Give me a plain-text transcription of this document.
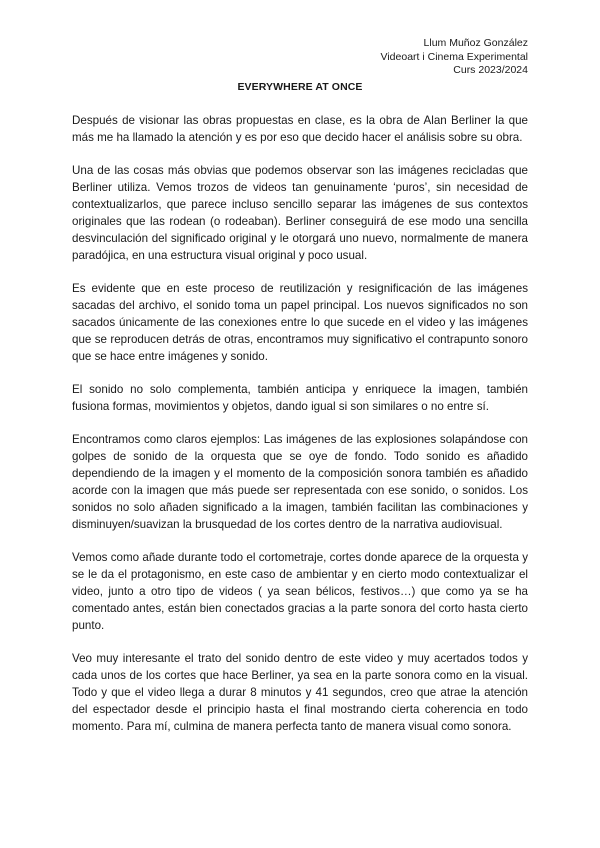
Llum Muñoz González
Videoart i Cinema Experimental
Curs 2023/2024
EVERYWHERE AT ONCE

Después de visionar las obras propuestas en clase, es la obra de Alan Berliner la que más me ha llamado la atención y es por eso que decido hacer el análisis sobre su obra.

Una de las cosas más obvias que podemos observar son las imágenes recicladas que Berliner utiliza. Vemos trozos de videos tan genuinamente ‘puros’, sin necesidad de contextualizarlos, que parece incluso sencillo separar las imágenes de sus contextos originales que las rodean (o rodeaban). Berliner conseguirá de ese modo una sencilla desvinculación del significado original y le otorgará uno nuevo, normalmente de manera paradójica, en una estructura visual original y poco usual.

Es evidente que en este proceso de reutilización y resignificación de las imágenes sacadas del archivo, el sonido toma un papel principal. Los nuevos significados no son sacados únicamente de las conexiones entre lo que sucede en el video y las imágenes que se reproducen detrás de otras, encontramos muy significativo el contrapunto sonoro que se hace entre imágenes y sonido.

El sonido no solo complementa, también anticipa y enriquece la imagen, también fusiona formas, movimientos y objetos, dando igual si son similares o no entre sí.

Encontramos como claros ejemplos: Las imágenes de las explosiones solapándose con golpes de sonido de la orquesta que se oye de fondo. Todo sonido es añadido dependiendo de la imagen y el momento de la composición sonora también es añadido acorde con la imagen que más puede ser representada con ese sonido, o sonidos. Los sonidos no solo añaden significado a la imagen, también facilitan las combinaciones y disminuyen/suavizan la brusquedad de los cortes dentro de la narrativa audiovisual.

Vemos como añade durante todo el cortometraje, cortes donde aparece de la orquesta y se le da el protagonismo, en este caso de ambientar y en cierto modo contextualizar el video, junto a otro tipo de videos ( ya sean bélicos, festivos…) que como ya se ha comentado antes, están bien conectados gracias a la parte sonora del corto hasta cierto punto.

Veo muy interesante el trato del sonido dentro de este video y muy acertados todos y cada unos de los cortes que hace Berliner, ya sea en la parte sonora como en la visual. Todo y que el video llega a durar 8 minutos y 41 segundos, creo que atrae la atención del espectador desde el principio hasta el final mostrando cierta coherencia en todo momento. Para mí, culmina de manera perfecta tanto de manera visual como sonora.
